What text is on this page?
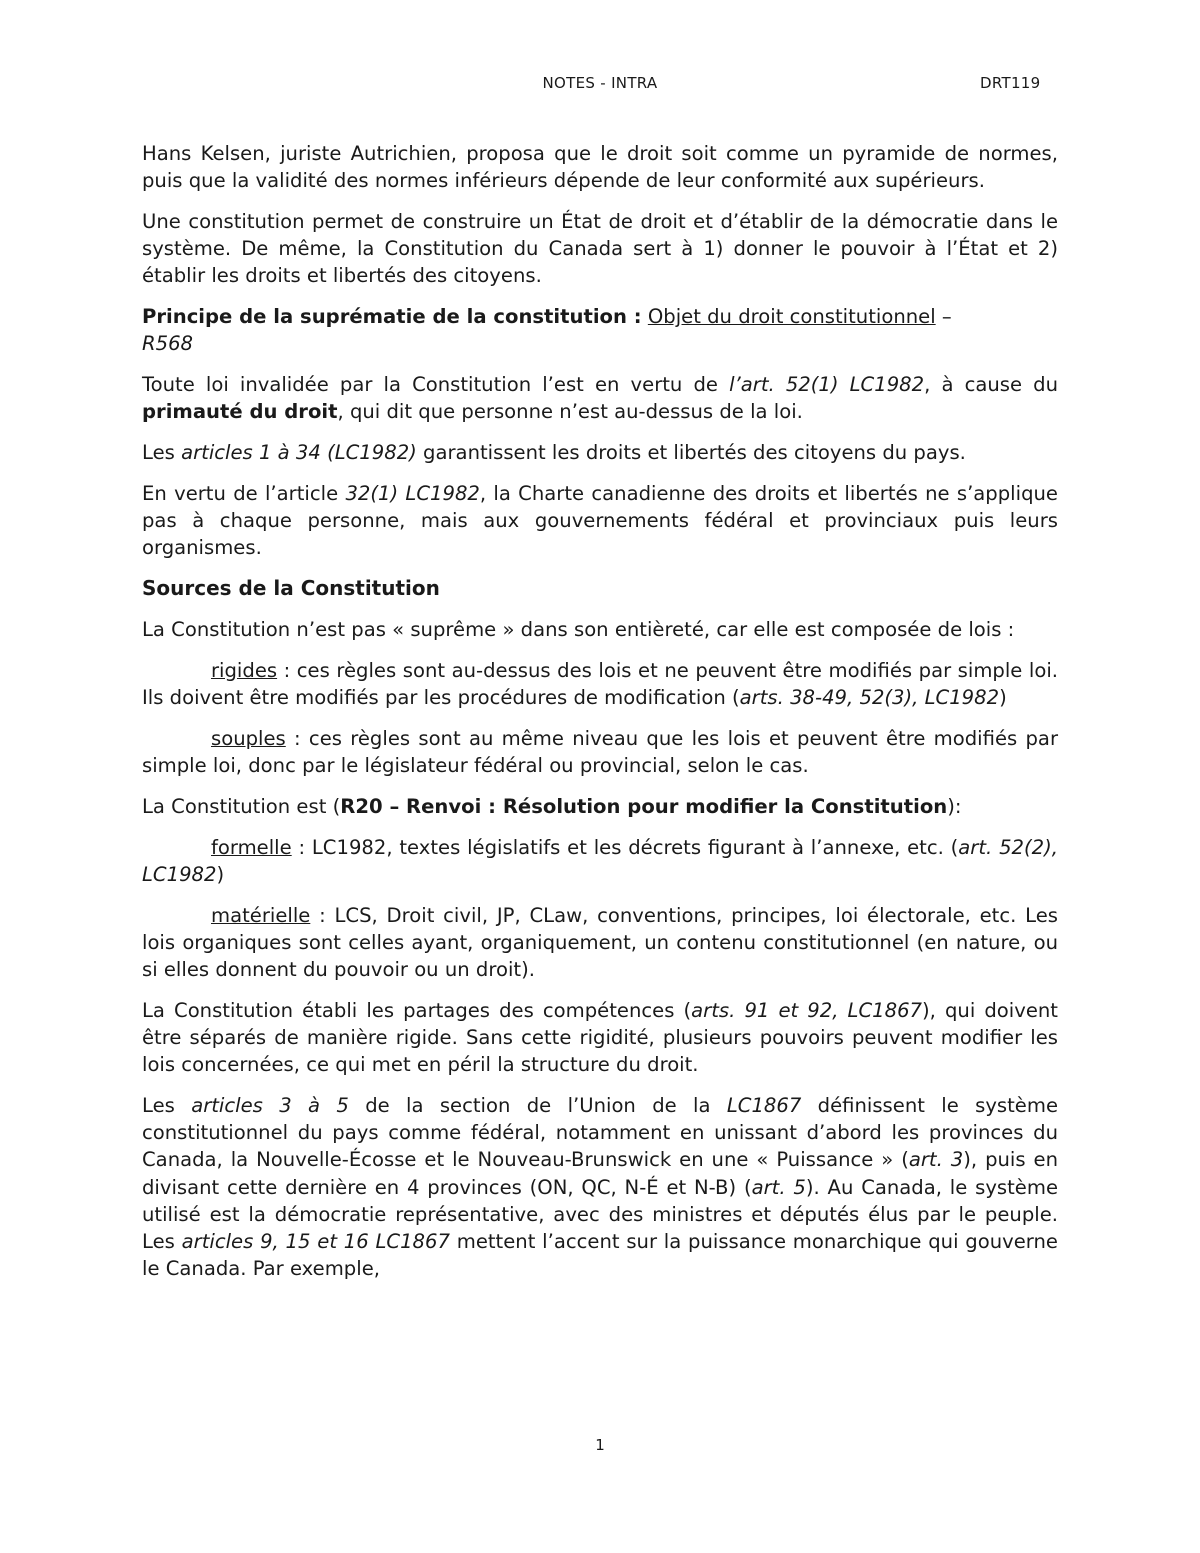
NOTES - INTRA	DRT119

Hans Kelsen, juriste Autrichien, proposa que le droit soit comme un pyramide de normes, puis que la validité des normes inférieurs dépende de leur conformité aux supérieurs.

Une constitution permet de construire un État de droit et d’établir de la démocratie dans le système. De même, la Constitution du Canada sert à 1) donner le pouvoir à l’État et 2) établir les droits et libertés des citoyens.

Principe de la suprématie de la constitution : Objet du droit constitutionnel –
R568

Toute loi invalidée par la Constitution l’est en vertu de l’art. 52(1) LC1982, à cause du primauté du droit, qui dit que personne n’est au-dessus de la loi.

Les articles 1 à 34 (LC1982) garantissent les droits et libertés des citoyens du pays.

En vertu de l’article 32(1) LC1982, la Charte canadienne des droits et libertés ne s’applique pas à chaque personne, mais aux gouvernements fédéral et provinciaux puis leurs organismes.

Sources de la Constitution

La Constitution n’est pas « suprême » dans son entièreté, car elle est composée de lois :

rigides : ces règles sont au-dessus des lois et ne peuvent être modifiés par simple loi. Ils doivent être modifiés par les procédures de modification (arts. 38-49, 52(3), LC1982)

souples : ces règles sont au même niveau que les lois et peuvent être modifiés par simple loi, donc par le législateur fédéral ou provincial, selon le cas.

La Constitution est (R20 – Renvoi : Résolution pour modifier la Constitution):

formelle : LC1982, textes législatifs et les décrets figurant à l’annexe, etc. (art. 52(2), LC1982)

matérielle : LCS, Droit civil, JP, CLaw, conventions, principes, loi électorale, etc. Les lois organiques sont celles ayant, organiquement, un contenu constitutionnel (en nature, ou si elles donnent du pouvoir ou un droit).

La Constitution établi les partages des compétences (arts. 91 et 92, LC1867), qui doivent être séparés de manière rigide. Sans cette rigidité, plusieurs pouvoirs peuvent modifier les lois concernées, ce qui met en péril la structure du droit.

Les articles 3 à 5 de la section de l’Union de la LC1867 définissent le système constitutionnel du pays comme fédéral, notamment en unissant d’abord les provinces du Canada, la Nouvelle-Écosse et le Nouveau-Brunswick en une « Puissance » (art. 3), puis en divisant cette dernière en 4 provinces (ON, QC, N-É et N-B) (art. 5). Au Canada, le système utilisé est la démocratie représentative, avec des ministres et députés élus par le peuple. Les articles 9, 15 et 16 LC1867 mettent l’accent sur la puissance monarchique qui gouverne le Canada. Par exemple,

1
